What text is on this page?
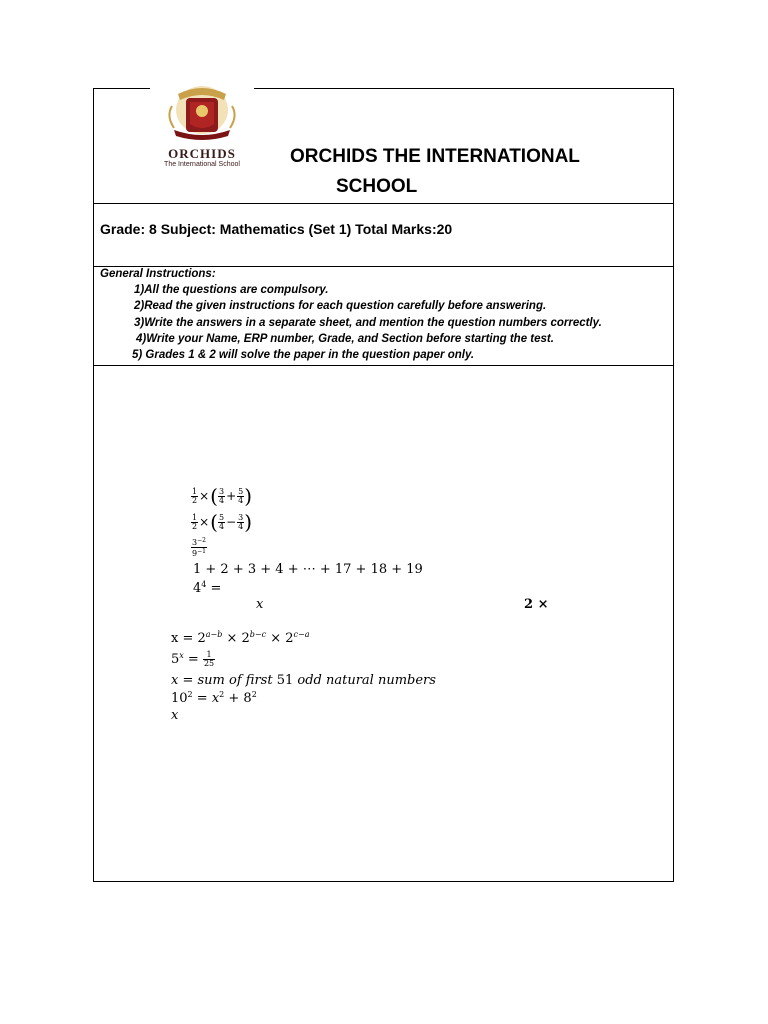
ORCHIDS
The International School	ORCHIDS THE INTERNATIONAL
SCHOOL
Grade: 8 Subject: Mathematics (Set 1) Total Marks:20
General Instructions:
1)All the questions are compulsory.
2)Read the given instructions for each question carefully before answering.
3)Write the answers in a separate sheet, and mention the question numbers correctly.
4)Write your Name, ERP number, Grade, and Section before starting the test.
5) Grades 1 & 2 will solve the paper in the question paper only.
$\frac{1}{2}$ ×( $\frac{3}{4} + \frac{5}{4}$ )
$\frac{1}{2}$ ×( $\frac{5}{4} - \frac{3}{4}$ )
$\frac{3^{-2}}{9^{-1}}$
1 + 2 + 3 + 4 + ⋯ + 17 + 18 + 19
$4^4$ =
x	2 ×
$x = 2^{a-b} \times 2^{b-c} \times 2^{c-a}$
$5^x = \frac{1}{25}$
x = sum of first 51 odd natural numbers
$10^2 = x^2 + 8^2$
x
